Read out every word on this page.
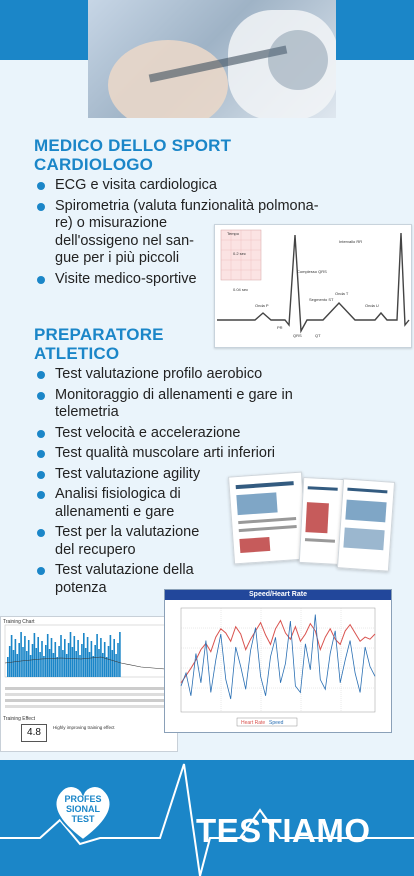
MEDICO DELLO SPORT
CARDIOLOGO
ECG e visita cardiologica
Spirometria (valuta funzionalità polmona-
re) o misurazione
dell'ossigeno nel san-
gue per i più piccoli
Visite medico-sportive
Tempo
Intervallo RR
Complesso QRS
Onda P
Onda T
Onda U
Segmento ST
PR
QRS	QT
0.04 sec
0.2 sec
PREPARATORE
ATLETICO
Test valutazione profilo aerobico
Monitoraggio di allenamenti e gare in
telemetria
Test velocità e accelerazione
Test qualità muscolare arti inferiori
Test valutazione agility
Analisi fisiologica di
allenamenti e gare
Test per la valutazione
del recupero
Test valutazione della
potenza
Training Chart
Training Effect
4.8	Highly improving training effect
Speed/Heart Rate
Heart Rate Speed
PROFES
SIONAL
TEST	TESTIAMO
